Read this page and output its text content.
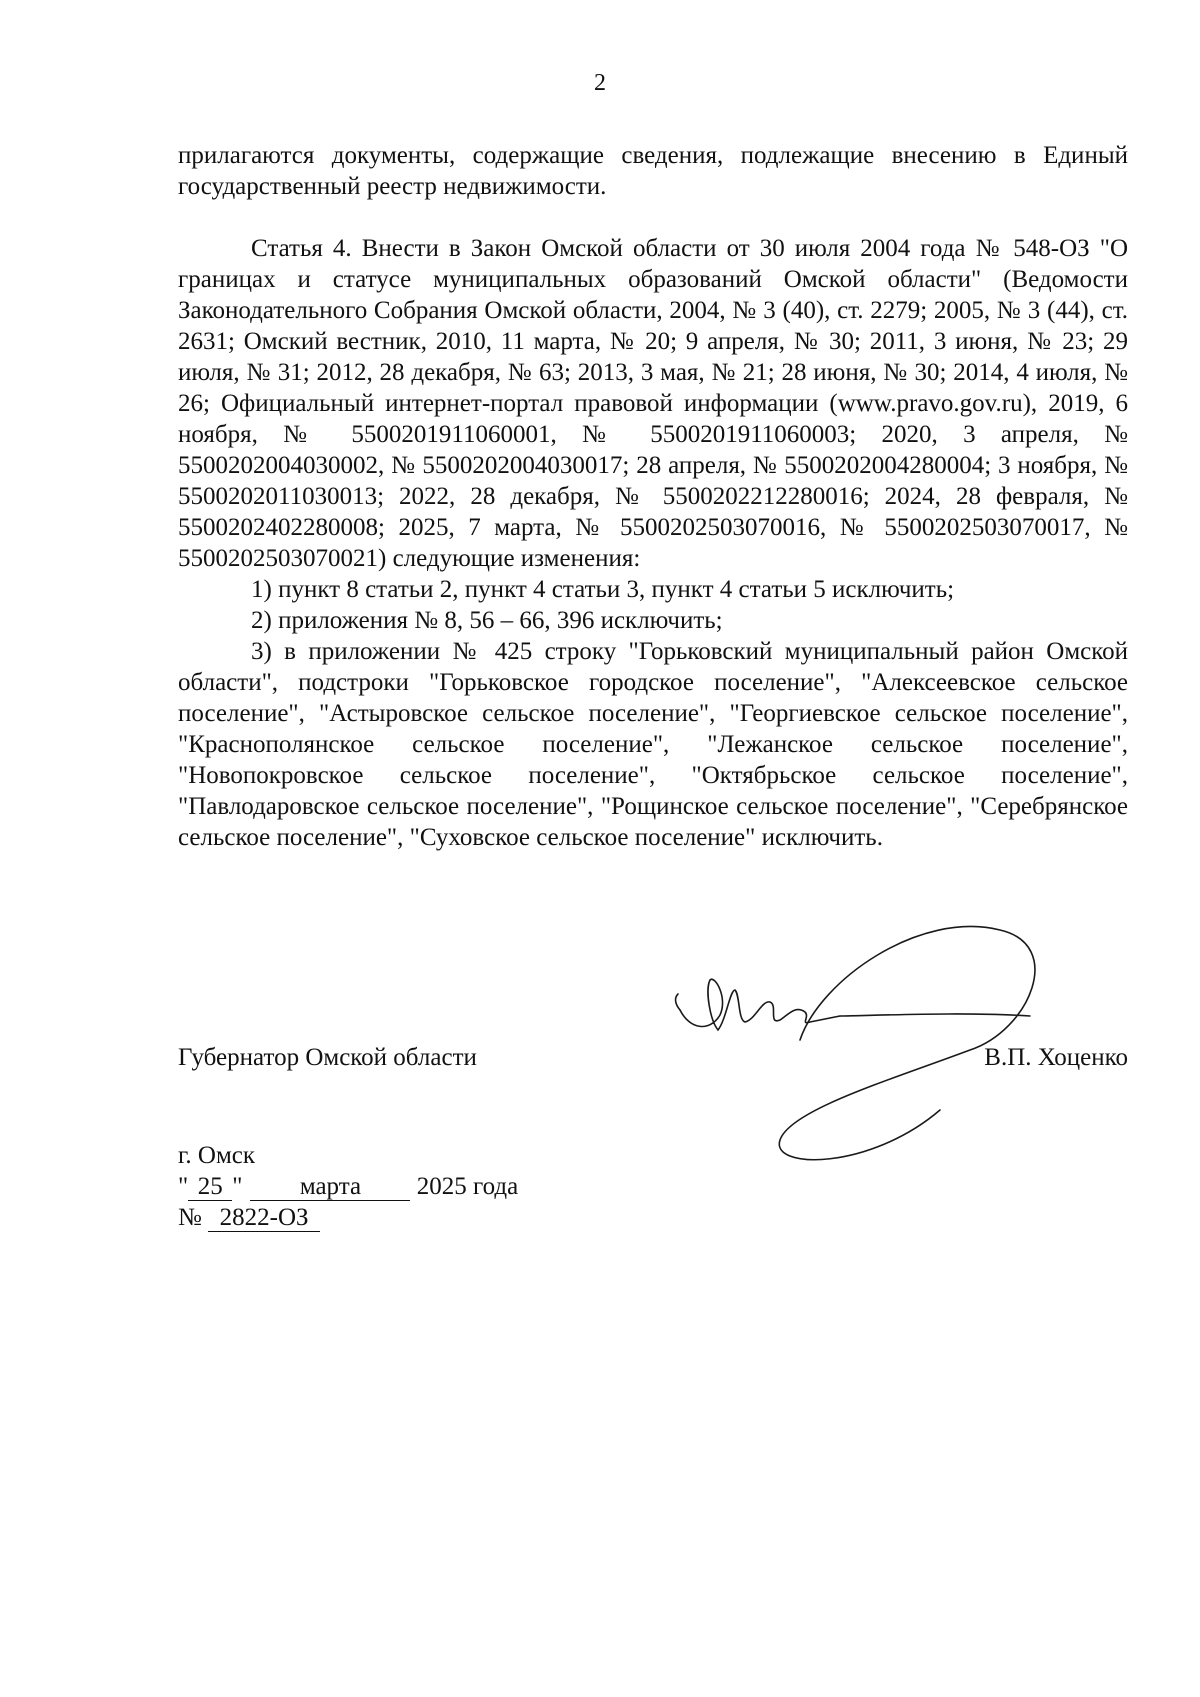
2

прилагаются документы, содержащие сведения, подлежащие внесению в Единый государственный реестр недвижимости.

Статья 4. Внести в Закон Омской области от 30 июля 2004 года № 548-ОЗ "О границах и статусе муниципальных образований Омской области" (Ведомости Законодательного Собрания Омской области, 2004, № 3 (40), ст. 2279; 2005, № 3 (44), ст. 2631; Омский вестник, 2010, 11 марта, № 20; 9 апреля, № 30; 2011, 3 июня, № 23; 29 июля, № 31; 2012, 28 декабря, № 63; 2013, 3 мая, № 21; 28 июня, № 30; 2014, 4 июля, № 26; Официальный интернет-портал правовой информации (www.pravo.gov.ru), 2019, 6 ноября, № 5500201911060001, № 5500201911060003; 2020, 3 апреля, № 5500202004030002, № 5500202004030017; 28 апреля, № 5500202004280004; 3 ноября, № 5500202011030013; 2022, 28 декабря, № 5500202212280016; 2024, 28 февраля, № 5500202402280008; 2025, 7 марта, № 5500202503070016, № 5500202503070017, № 5500202503070021) следующие изменения:

1) пункт 8 статьи 2, пункт 4 статьи 3, пункт 4 статьи 5 исключить;

2) приложения № 8, 56 – 66, 396 исключить;

3) в приложении № 425 строку "Горьковский муниципальный район Омской области", подстроки "Горьковское городское поселение", "Алексеевское сельское поселение", "Астыровское сельское поселение", "Георгиевское сельское поселение", "Краснополянское сельское поселение", "Лежанское сельское поселение", "Новопокровское сельское поселение", "Октябрьское сельское поселение", "Павлодаровское сельское поселение", "Рощинское сельское поселение", "Серебрянское сельское поселение", "Суховское сельское поселение" исключить.

Губернатор Омской области	В.П. Хоценко
г. Омск
" 25 " марта 2025 года
№ 2822-ОЗ
